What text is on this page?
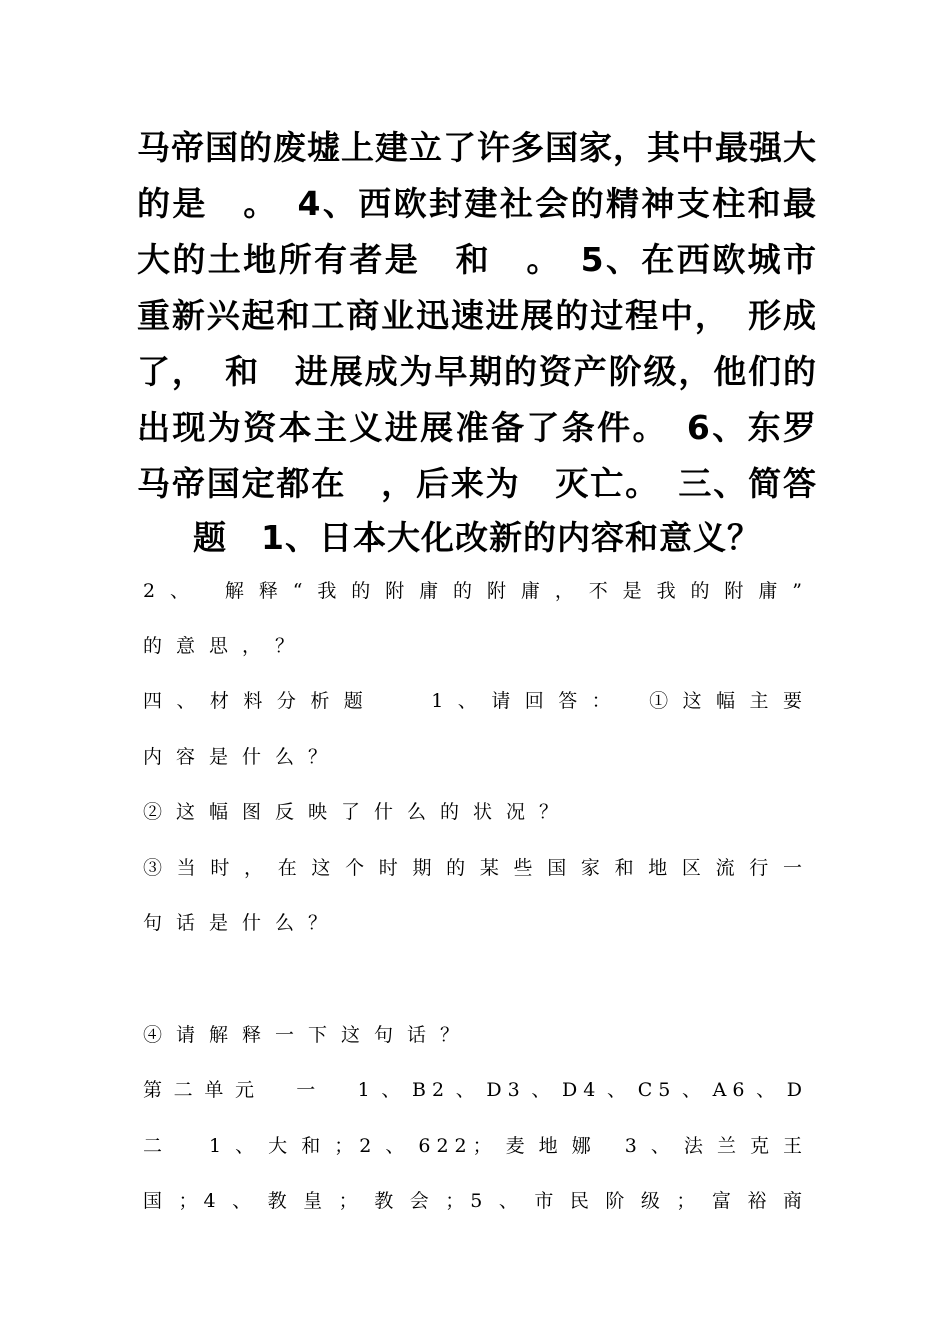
马帝国的废墟上建立了许多国家，其中最强大
的是　。　4、西欧封建社会的精神支柱和最
大的土地所有者是　和　。　5、在西欧城市
重新兴起和工商业迅速进展的过程中，　形成
了，　和　进展成为早期的资产阶级，他们的
出现为资本主义进展准备了条件。　6、东罗
马帝国定都在　，后来为　灭亡。　三、简答
题　1、日本大化改新的内容和意义？
2、 解释“我的附庸的附庸，不是我的附庸”
的意思，？
四、材料分析题 　1、请回答：　①这幅主要
内容是什么？
②这幅图反映了什么的状况？
③当时，在这个时期的某些国家和地区流行一
句话是什么？
④请解释一下这句话？
第二单元　一　1、B2、D3、D4、C5、A6、D
二　1、大和；2、622；麦地娜 3、法兰克王
国；4、教皇；教会；5、市民阶级；富裕商
